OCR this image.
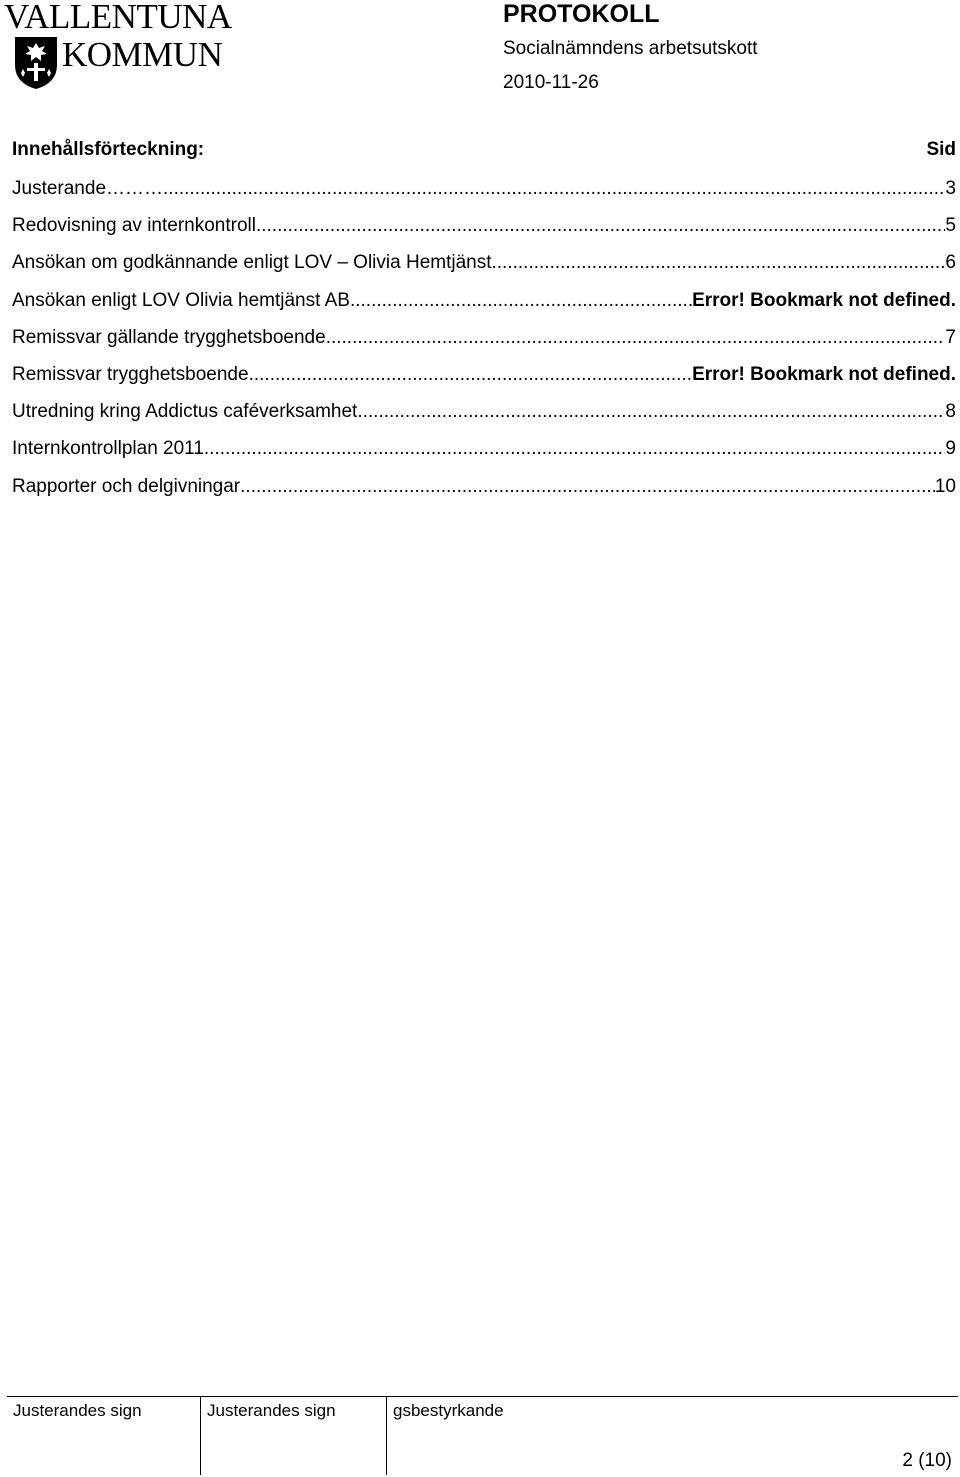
VALLENTUNA
KOMMUN
PROTOKOLL
Socialnämndens arbetsutskott
2010-11-26
Innehållsförteckning:	Sid
Justerande……… .....	3
Redovisning av internkontroll .....	5
Ansökan om godkännande enligt LOV – Olivia Hemtjänst .....	6
Ansökan enligt LOV Olivia hemtjänst AB .....	Error! Bookmark not defined.
Remissvar gällande trygghetsboende .....	7
Remissvar trygghetsboende .....	Error! Bookmark not defined.
Utredning kring Addictus caféverksamhet .....	8
Internkontrollplan 2011 .....	9
Rapporter och delgivningar .....	10
Justerandes sign	Justerandes sign	gsbestyrkande
2 (10)
